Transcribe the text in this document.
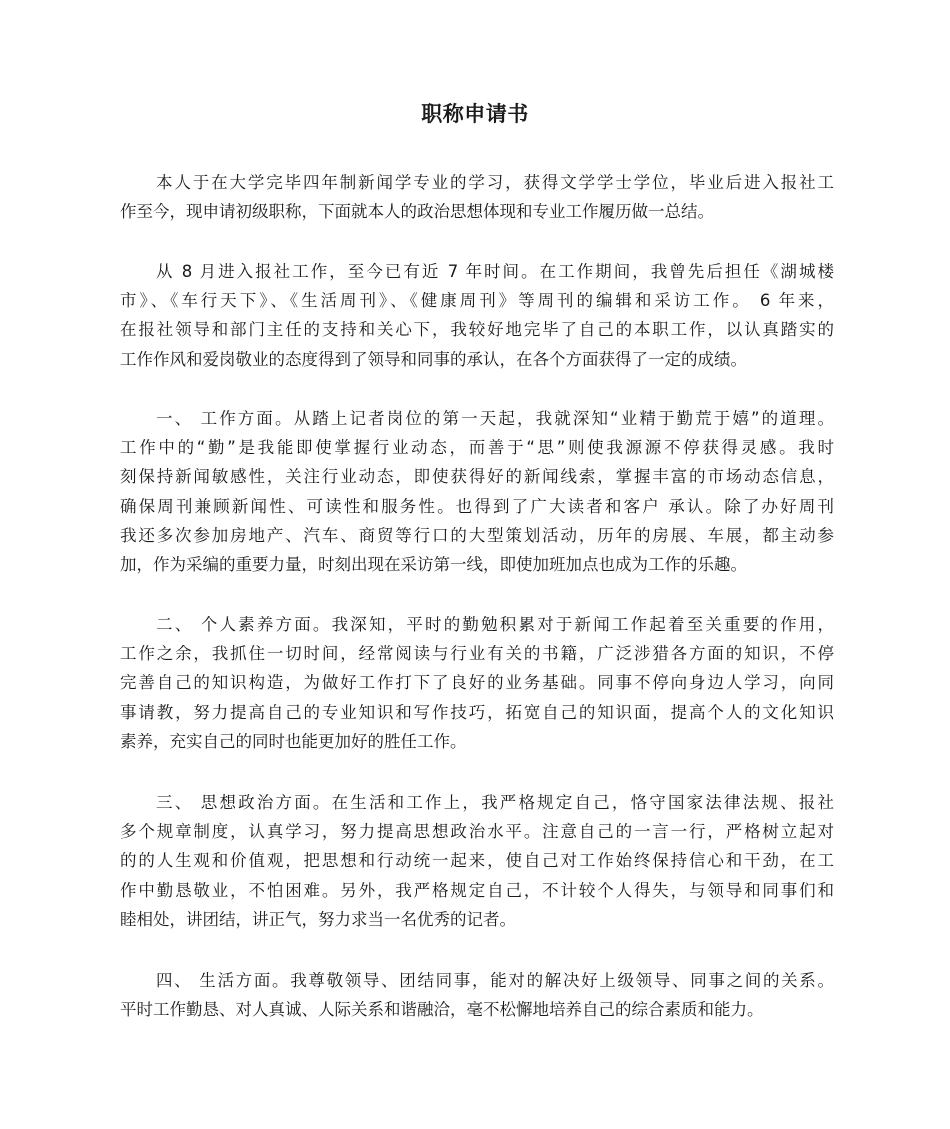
职称申请书
本人于在大学完毕四年制新闻学专业的学习，获得文学学士学位，毕业后进入报社工
作至今，现申请初级职称，下面就本人的政治思想体现和专业工作履历做一总结。
从 8 月进入报社工作，至今已有近 7 年时间。在工作期间，我曾先后担任《湖城楼
市》、《车行天下》、《生活周刊》、《健康周刊》等周刊的编辑和采访工作。 6 年来，
在报社领导和部门主任的支持和关心下，我较好地完毕了自己的本职工作，以认真踏实的
工作作风和爱岗敬业的态度得到了领导和同事的承认，在各个方面获得了一定的成绩。
一、 工作方面。从踏上记者岗位的第一天起，我就深知“业精于勤荒于嬉”的道理。
工作中的“勤”是我能即使掌握行业动态，而善于“思”则使我源源不停获得灵感。我时
刻保持新闻敏感性，关注行业动态，即使获得好的新闻线索，掌握丰富的市场动态信息，
确保周刊兼顾新闻性、可读性和服务性。也得到了广大读者和客户 承认。除了办好周刊
我还多次参加房地产、汽车、商贸等行口的大型策划活动，历年的房展、车展，都主动参
加，作为采编的重要力量，时刻出现在采访第一线，即使加班加点也成为工作的乐趣。
二、 个人素养方面。我深知，平时的勤勉积累对于新闻工作起着至关重要的作用，
工作之余，我抓住一切时间，经常阅读与行业有关的书籍，广泛涉猎各方面的知识，不停
完善自己的知识构造，为做好工作打下了良好的业务基础。同事不停向身边人学习，向同
事请教，努力提高自己的专业知识和写作技巧，拓宽自己的知识面，提高个人的文化知识
素养，充实自己的同时也能更加好的胜任工作。
三、 思想政治方面。在生活和工作上，我严格规定自己，恪守国家法律法规、报社
多个规章制度，认真学习，努力提高思想政治水平。注意自己的一言一行，严格树立起对
的的人生观和价值观，把思想和行动统一起来，使自己对工作始终保持信心和干劲，在工
作中勤恳敬业，不怕困难。另外，我严格规定自己，不计较个人得失，与领导和同事们和
睦相处，讲团结，讲正气，努力求当一名优秀的记者。
四、 生活方面。我尊敬领导、团结同事，能对的解决好上级领导、同事之间的关系。
平时工作勤恳、对人真诚、人际关系和谐融洽，毫不松懈地培养自己的综合素质和能力。
